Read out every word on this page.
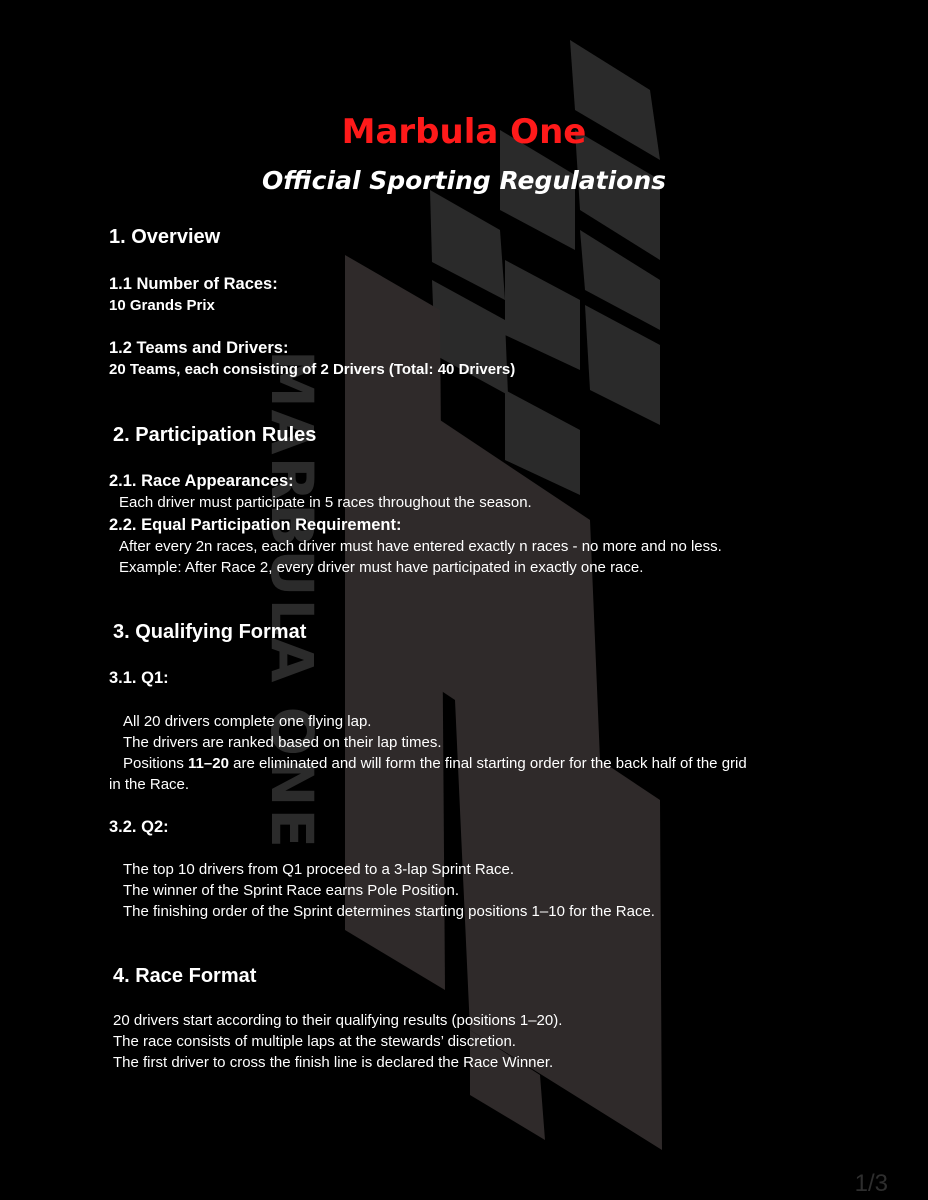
MARBULA ONE
Marbula One
Official Sporting Regulations
1. Overview
1.1 Number of Races:
10 Grands Prix
1.2 Teams and Drivers:
20 Teams, each consisting of 2 Drivers (Total: 40 Drivers)
2. Participation Rules
2.1. Race Appearances:
Each driver must participate in 5 races throughout the season.
2.2. Equal Participation Requirement:
After every 2n races, each driver must have entered exactly n races - no more and no less.
Example: After Race 2, every driver must have participated in exactly one race.
3. Qualifying Format
3.1. Q1:
All 20 drivers complete one flying lap.
The drivers are ranked based on their lap times.
Positions 11–20 are eliminated and will form the final starting order for the back half of the grid
in the Race.
3.2. Q2:
The top 10 drivers from Q1 proceed to a 3-lap Sprint Race.
The winner of the Sprint Race earns Pole Position.
The finishing order of the Sprint determines starting positions 1–10 for the Race.
4. Race Format
20 drivers start according to their qualifying results (positions 1–20).
The race consists of multiple laps at the stewards’ discretion.
The first driver to cross the finish line is declared the Race Winner.
1/3
